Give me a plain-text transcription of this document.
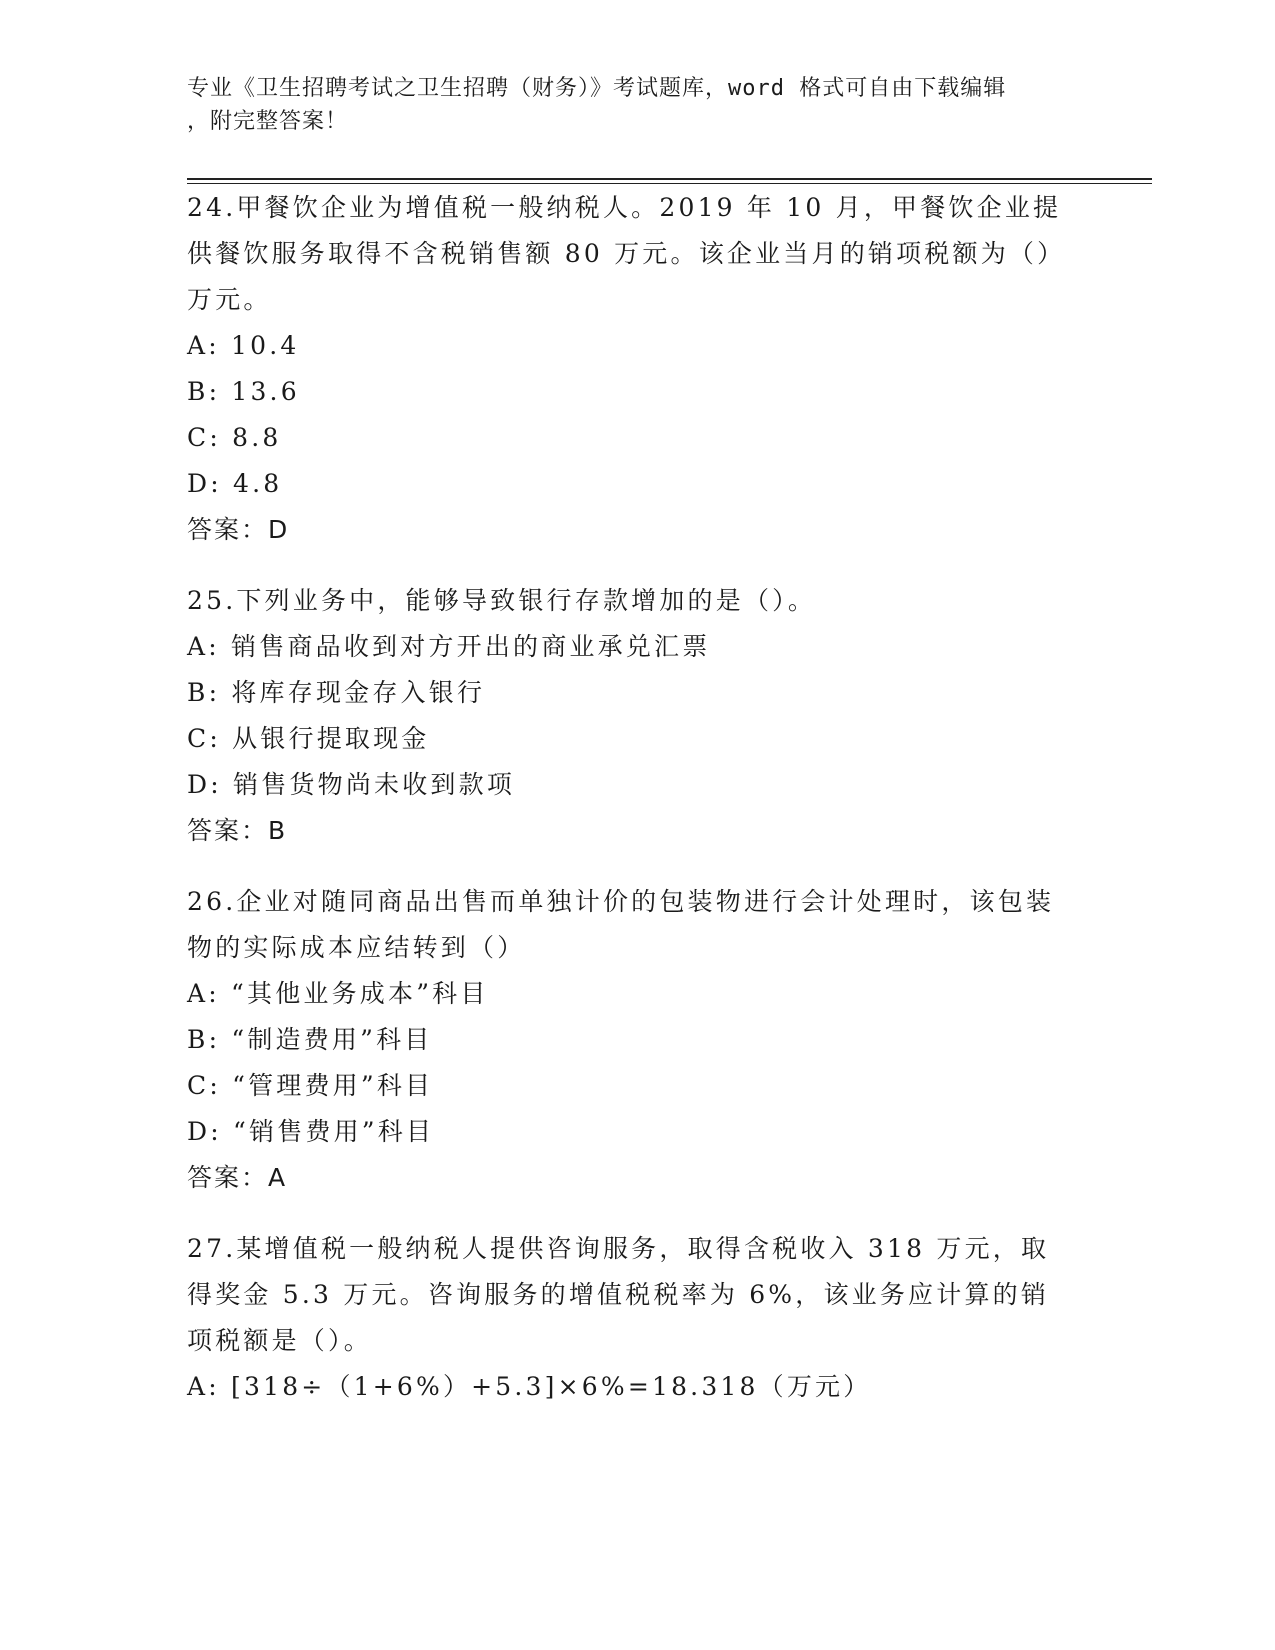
专业《卫生招聘考试之卫生招聘（财务）》考试题库，word 格式可自由下载编辑
，附完整答案！

24.甲餐饮企业为增值税一般纳税人。2019 年 10 月，甲餐饮企业提供餐饮服务取得不含税销售额 80 万元。该企业当月的销项税额为（）万元。

A: 10.4

B: 13.6

C: 8.8

D: 4.8

答案：D

25.下列业务中，能够导致银行存款增加的是（）。

A: 销售商品收到对方开出的商业承兑汇票

B: 将库存现金存入银行

C: 从银行提取现金

D: 销售货物尚未收到款项

答案：B

26.企业对随同商品出售而单独计价的包装物进行会计处理时，该包装物的实际成本应结转到（）

A: “其他业务成本”科目

B: “制造费用”科目

C: “管理费用”科目

D: “销售费用”科目

答案：A

27.某增值税一般纳税人提供咨询服务，取得含税收入 318 万元，取得奖金 5.3 万元。咨询服务的增值税税率为 6%，该业务应计算的销项税额是（）。

A: [318÷（1+6%）+5.3]×6%=18.318（万元）
